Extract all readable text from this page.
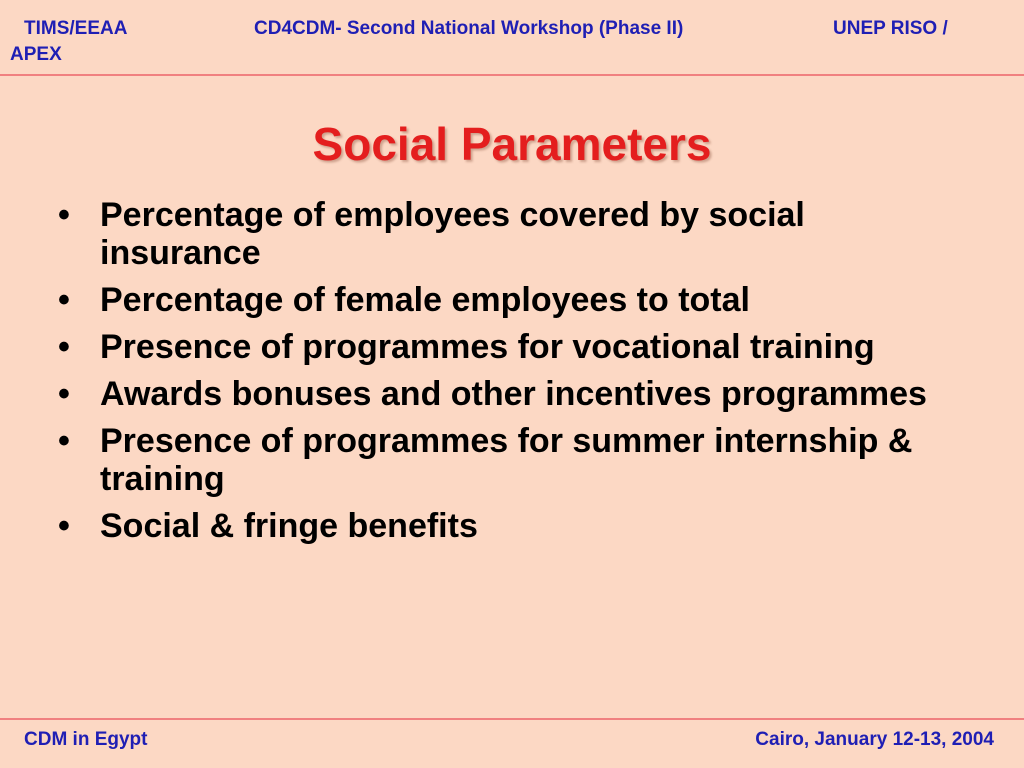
TIMS/EEAA	CD4CDM- Second National Workshop (Phase II)	UNEP RISO /
APEX
Social Parameters
• Percentage of employees covered by social insurance
• Percentage of female employees to total
• Presence of programmes for vocational training
• Awards bonuses and other incentives programmes
• Presence of programmes for summer internship & training
• Social & fringe benefits
CDM in Egypt	Cairo, January 12-13, 2004
